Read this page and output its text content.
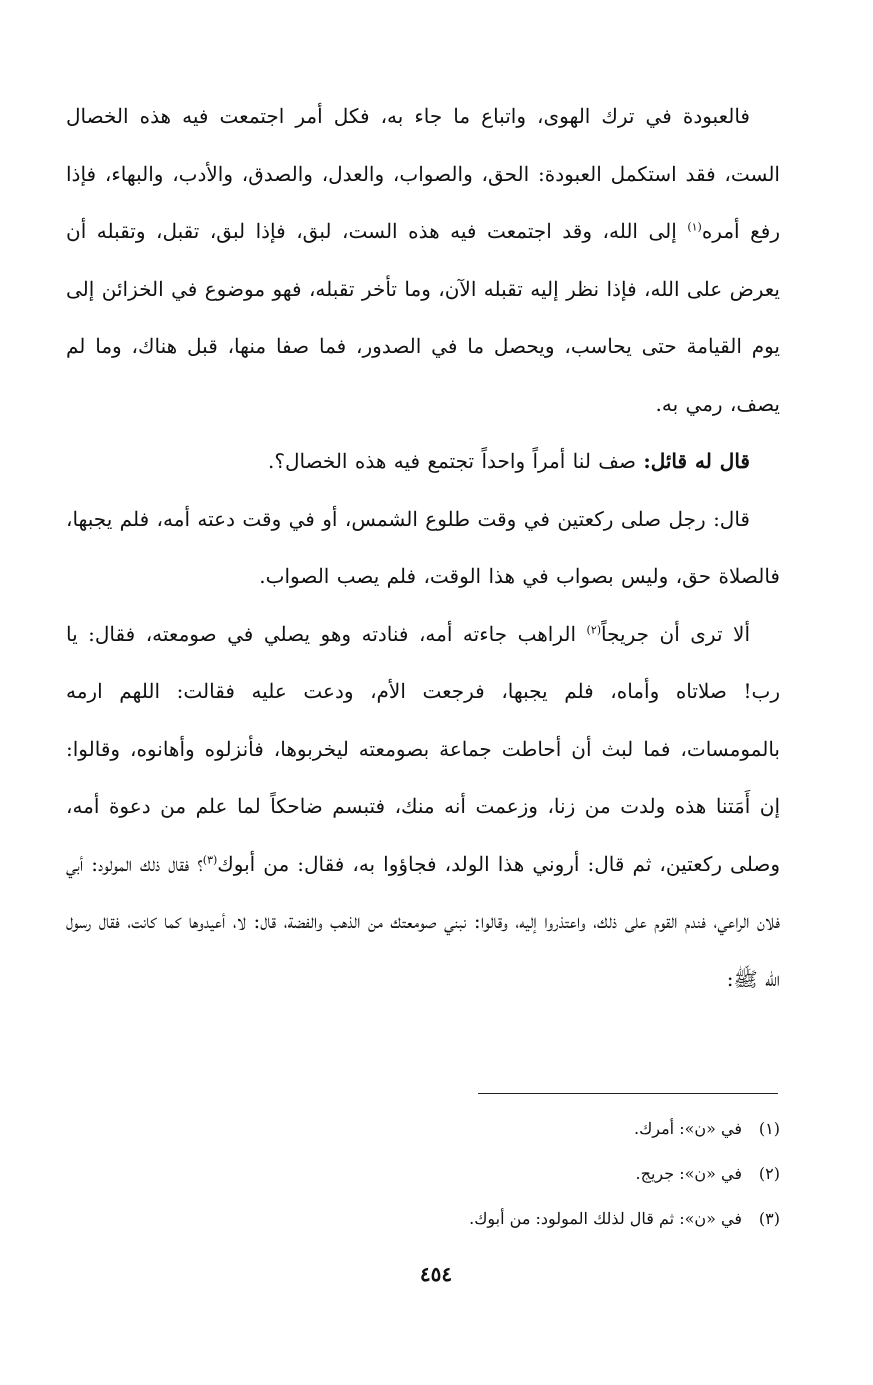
فالعبودة في ترك الهوى، واتباع ما جاء به، فكل أمر اجتمعت فيه هذه الخصال الست، فقد استكمل العبودة: الحق، والصواب، والعدل، والصدق، والأدب، والبهاء، فإذا رفع أمره$^{(١)}$ إلى الله، وقد اجتمعت فيه هذه الست، لبق، فإذا لبق، تقبل، وتقبله أن يعرض على الله، فإذا نظر إليه تقبله الآن، وما تأخر تقبله، فهو موضوع في الخزائن إلى يوم القيامة حتى يحاسب، ويحصل ما في الصدور، فما صفا منها، قبل هناك، وما لم يصف، رمي به.

قال له قائل: صف لنا أمراً واحداً تجتمع فيه هذه الخصال؟.

قال: رجل صلى ركعتين في وقت طلوع الشمس، أو في وقت دعته أمه، فلم يجبها، فالصلاة حق، وليس بصواب في هذا الوقت، فلم يصب الصواب.

ألا ترى أن جريجاً$^{(٢)}$ الراهب جاءته أمه، فنادته وهو يصلي في صومعته، فقال: يا رب! صلاتاه وأماه، فلم يجبها، فرجعت الأم، ودعت عليه فقالت: اللهم ارمه بالمومسات، فما لبث أن أحاطت جماعة بصومعته ليخربوها، فأنزلوه وأهانوه، وقالوا: إن أَمَتنا هذه ولدت من زنا، وزعمت أنه منك، فتبسم ضاحكاً لما علم من دعوة أمه، وصلى ركعتين، ثم قال: أروني هذا الولد، فجاؤوا به، فقال: من أبوك$^{(٣)}$؟ فقال ذلك المولود: أبي فلان الراعي، فندم القوم على ذلك، واعتذروا إليه، وقالوا: نبني صومعتك من الذهب والفضة، قال: لا، أعيدوها كما كانت، فقال رسول الله ﷺ:

(١)في «ن»: أمرك.

(٢)في «ن»: جريج.

(٣)في «ن»: ثم قال لذلك المولود: من أبوك.

٤٥٤
